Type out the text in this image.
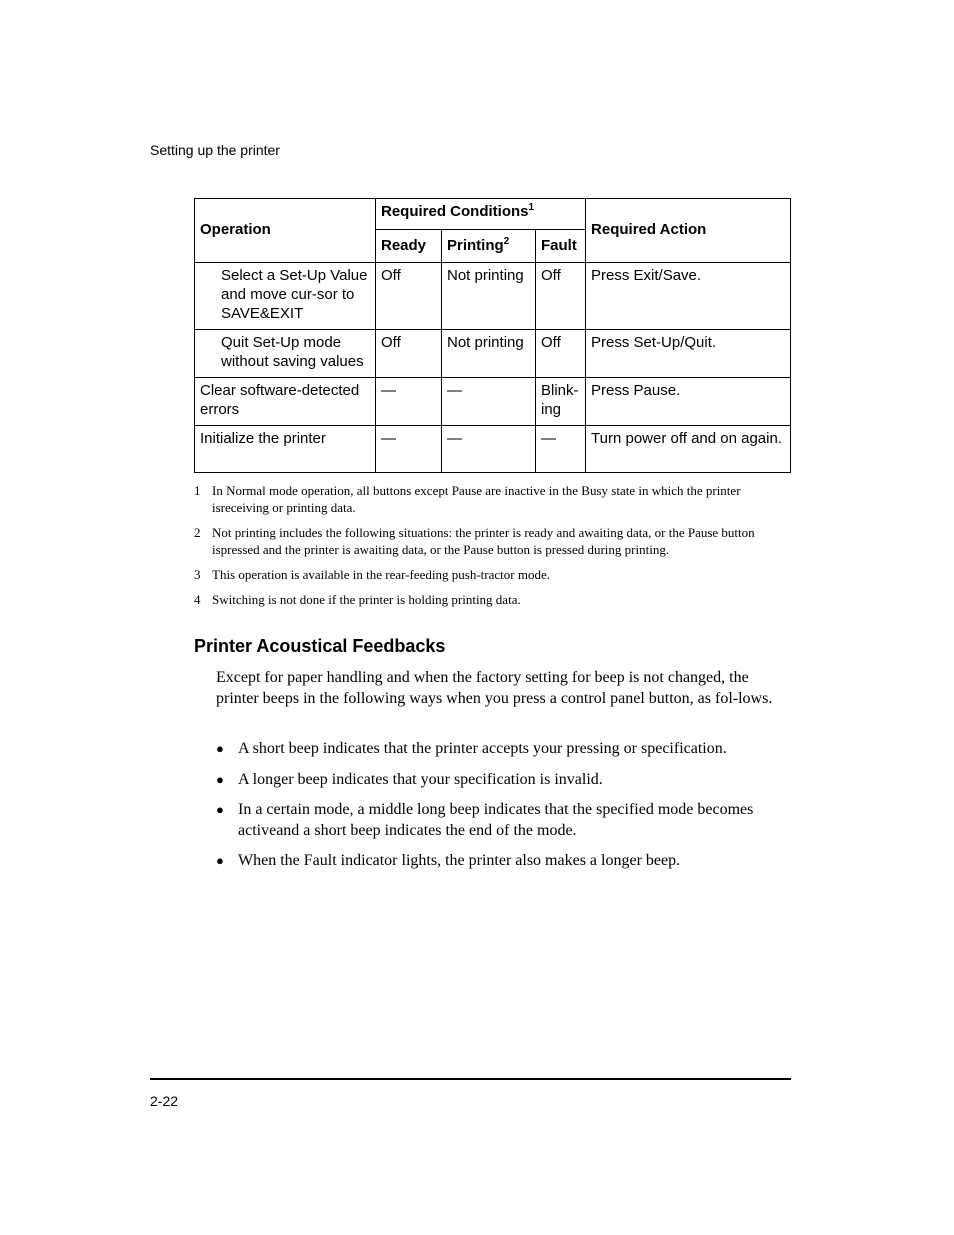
Setting up the printer
Operation	Required Conditions$^1$			Required Action
	Ready	Printing$^2$	Fault	
Select a Set-Up Value and move cur-sor to SAVE&EXIT	Off	Not printing	Off	Press Exit/Save.
Quit Set-Up mode without saving values	Off	Not printing	Off	Press Set-Up/Quit.
Clear software-detected errors	—	—	Blink-ing	Press Pause.
Initialize the printer	—	—	—	Turn power off and on again.
1 In Normal mode operation, all buttons except Pause are inactive in the Busy state in which the printer isreceiving or printing data.
2 Not printing includes the following situations: the printer is ready and awaiting data, or the Pause button ispressed and the printer is awaiting data, or the Pause button is pressed during printing.
3 This operation is available in the rear-feeding push-tractor mode.
4 Switching is not done if the printer is holding printing data.
Printer Acoustical Feedbacks

Except for paper handling and when the factory setting for beep is not changed, the printer beeps in the following ways when you press a control panel button, as fol-lows.

● A short beep indicates that the printer accepts your pressing or specification.
● A longer beep indicates that your specification is invalid.
● In a certain mode, a middle long beep indicates that the specified mode becomes activeand a short beep indicates the end of the mode.
● When the Fault indicator lights, the printer also makes a longer beep.
2-22
